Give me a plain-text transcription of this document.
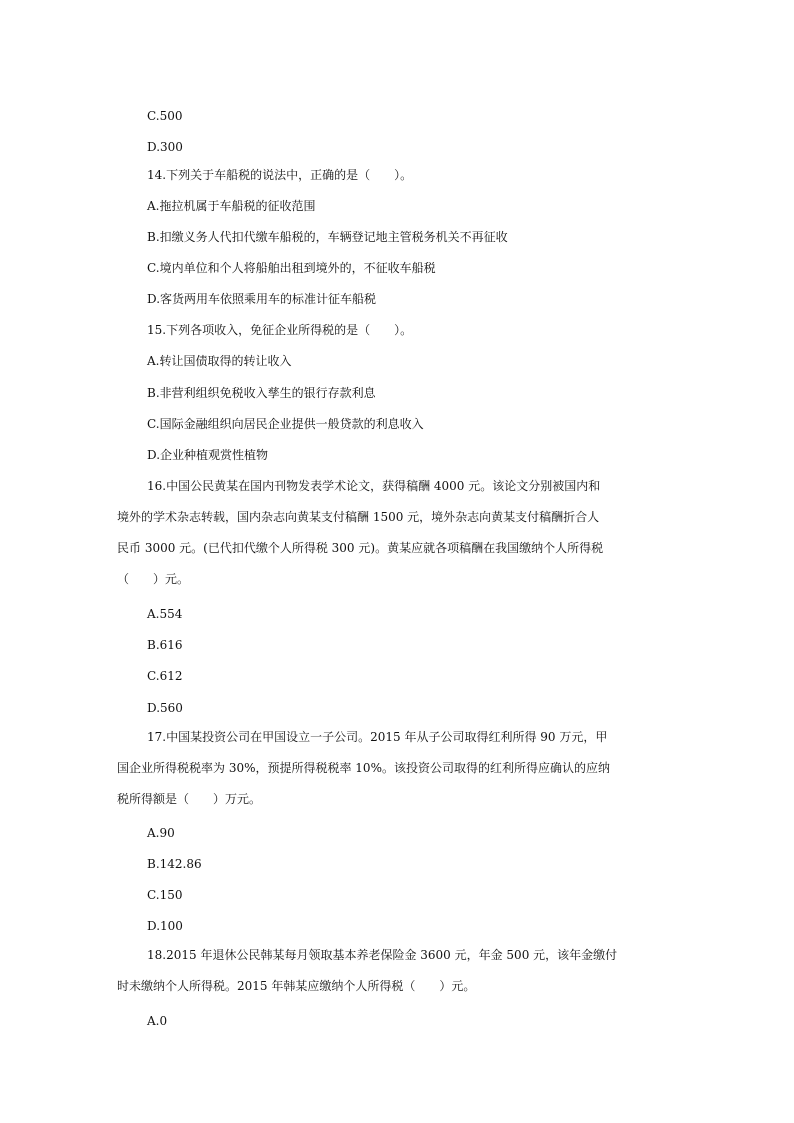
C.500
D.300
14.下列关于车船税的说法中，正确的是（　　）。
A.拖拉机属于车船税的征收范围
B.扣缴义务人代扣代缴车船税的，车辆登记地主管税务机关不再征收
C.境内单位和个人将船舶出租到境外的，不征收车船税
D.客货两用车依照乘用车的标准计征车船税
15.下列各项收入，免征企业所得税的是（　　）。
A.转让国债取得的转让收入
B.非营利组织免税收入孳生的银行存款利息
C.国际金融组织向居民企业提供一般贷款的利息收入
D.企业种植观赏性植物
16.中国公民黄某在国内刊物发表学术论文，获得稿酬 4000 元。该论文分别被国内和
境外的学术杂志转载，国内杂志向黄某支付稿酬 1500 元，境外杂志向黄某支付稿酬折合人
民币 3000 元。(已代扣代缴个人所得税 300 元)。黄某应就各项稿酬在我国缴纳个人所得税
（　　）元。
A.554
B.616
C.612
D.560
17.中国某投资公司在甲国设立一子公司。2015 年从子公司取得红利所得 90 万元，甲
国企业所得税税率为 30%，预提所得税税率 10%。该投资公司取得的红利所得应确认的应纳
税所得额是（　　）万元。
A.90
B.142.86
C.150
D.100
18.2015 年退休公民韩某每月领取基本养老保险金 3600 元，年金 500 元，该年金缴付
时未缴纳个人所得税。2015 年韩某应缴纳个人所得税（　　）元。
A.0
